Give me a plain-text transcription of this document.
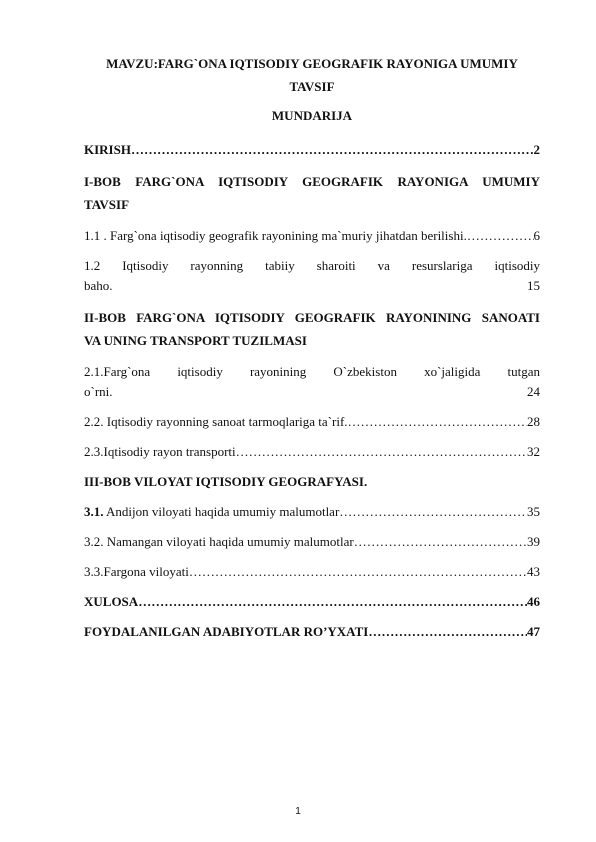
MAVZU:FARG`ONA IQTISODIY GEOGRAFIK RAYONIGA UMUMIY TAVSIF
MUNDARIJA
KIRISH ……………………………………………………………………………………………………………………………………………………………	2
I-BOB FARG`ONA IQTISODIY GEOGRAFIK RAYONIGA UMUMIY
TAVSIF
1.1 . Farg`ona iqtisodiy geografik rayonining ma`muriy jihatdan berilishi. ……………………………………………………………………………………………………………………………………………………………	6
1.2 Iqtisodiy rayonning tabiiy sharoiti va resurslariga iqtisodiy
baho.	15
II-BOB FARG`ONA IQTISODIY GEOGRAFIK RAYONINING SANOATI
VA UNING TRANSPORT TUZILMASI
2.1.Farg`ona iqtisodiy rayonining O`zbekiston xo`jaligida tutgan
o`rni.	24
2.2. Iqtisodiy rayonning sanoat tarmoqlariga ta`rif. ……………………………………………………………………………………………………………………………………………………………	28
2.3.Iqtisodiy rayon transporti ……………………………………………………………………………………………………………………………………………………………	32
III-BOB VILOYAT IQTISODIY GEOGRAFYASI.
3.1. Andijon viloyati haqida umumiy malumotlar ……………………………………………………………………………………………………………………………………………………………	35
3.2. Namangan viloyati haqida umumiy malumotlar ……………………………………………………………………………………………………………………………………………………………	39
3.3.Fargona viloyati ……………………………………………………………………………………………………………………………………………………………	43
XULOSA ……………………………………………………………………………………………………………………………………………………………	46
FOYDALANILGAN ADABIYOTLAR RO’YXATI ……………………………………………………………………………………………………………………………………………………………	47
1
